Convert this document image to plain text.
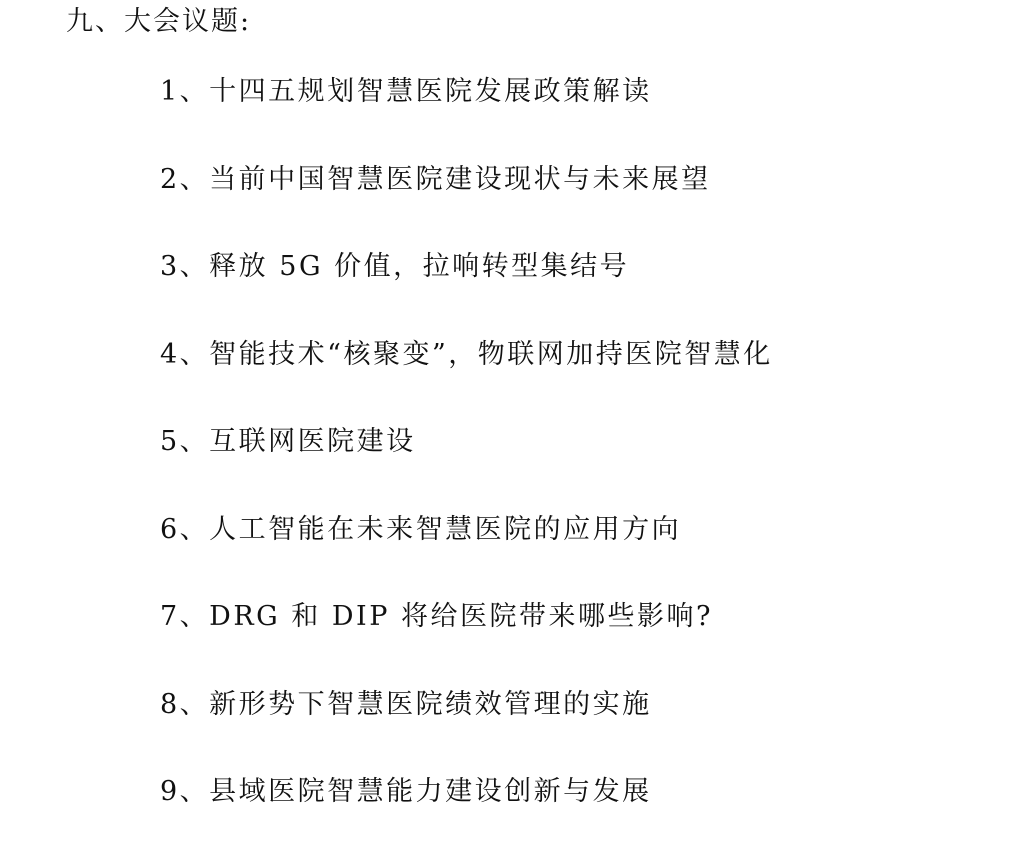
九、大会议题:
1、十四五规划智慧医院发展政策解读
2、当前中国智慧医院建设现状与未来展望
3、释放 5G 价值，拉响转型集结号
4、智能技术“核聚变”，物联网加持医院智慧化
5、互联网医院建设
6、人工智能在未来智慧医院的应用方向
7、DRG 和 DIP 将给医院带来哪些影响?
8、新形势下智慧医院绩效管理的实施
9、县域医院智慧能力建设创新与发展
